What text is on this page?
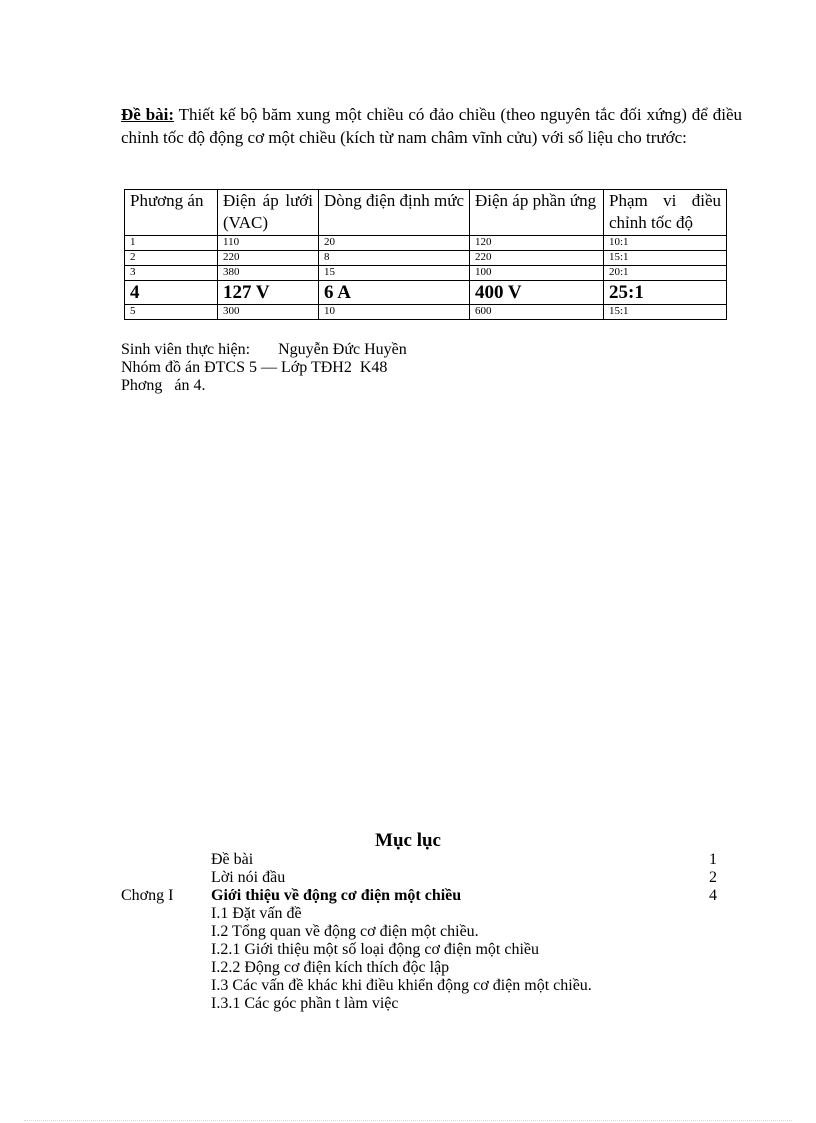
Đề bài: Thiết kế bộ băm xung một chiều có đảo chiều (theo nguyên tắc đối xứng) để điều chỉnh tốc độ động cơ một chiều (kích từ nam châm vĩnh cửu) với số liệu cho trước:
Phương án	Điện áp lưới (VAC)	Dòng điện định mức	Điện áp phần ứng	Phạm vi điều chỉnh tốc độ
1	110	20	120	10:1
2	220	8	220	15:1
3	380	15	100	20:1
4	127 V	6 A	400 V	25:1
5	300	10	600	15:1
Sinh viên thực hiện:       Nguyễn Đức Huyền
Nhóm đồ án ĐTCS 5 — Lớp TĐH2  K48
Phơng   án 4.
Mục lục
Đề bài	1
Lời nói đầu	2
Chơng I Giới thiệu về động cơ điện một chiều	4
I.1 Đặt vấn đề
I.2 Tổng quan về động cơ điện một chiều.
I.2.1 Giới thiệu một số loại động cơ điện một chiều
I.2.2 Động cơ điện kích thích độc lập
I.3 Các vấn đề khác khi điều khiển động cơ điện một chiều.
I.3.1 Các góc phần t làm việc
